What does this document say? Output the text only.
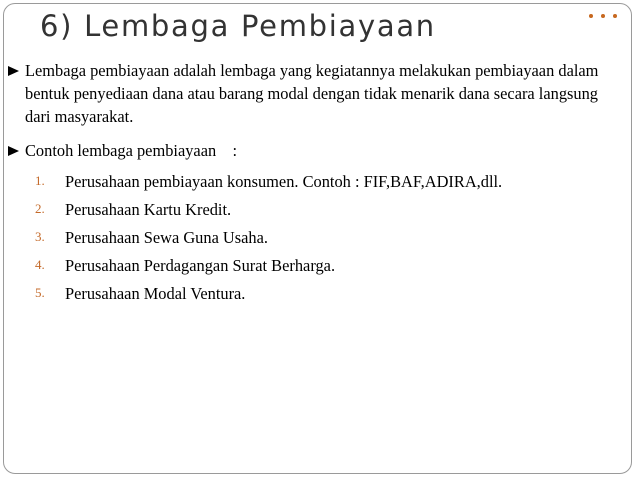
6) Lembaga Pembiayaan
Lembaga pembiayaan adalah lembaga yang kegiatannya melakukan pembiayaan dalam bentuk penyediaan dana atau barang modal dengan tidak menarik dana secara langsung dari masyarakat.
Contoh lembaga pembiayaan    :
1. Perusahaan pembiayaan konsumen. Contoh : FIF,BAF,ADIRA,dll.
2. Perusahaan Kartu Kredit.
3. Perusahaan Sewa Guna Usaha.
4. Perusahaan Perdagangan Surat Berharga.
5. Perusahaan Modal Ventura.
